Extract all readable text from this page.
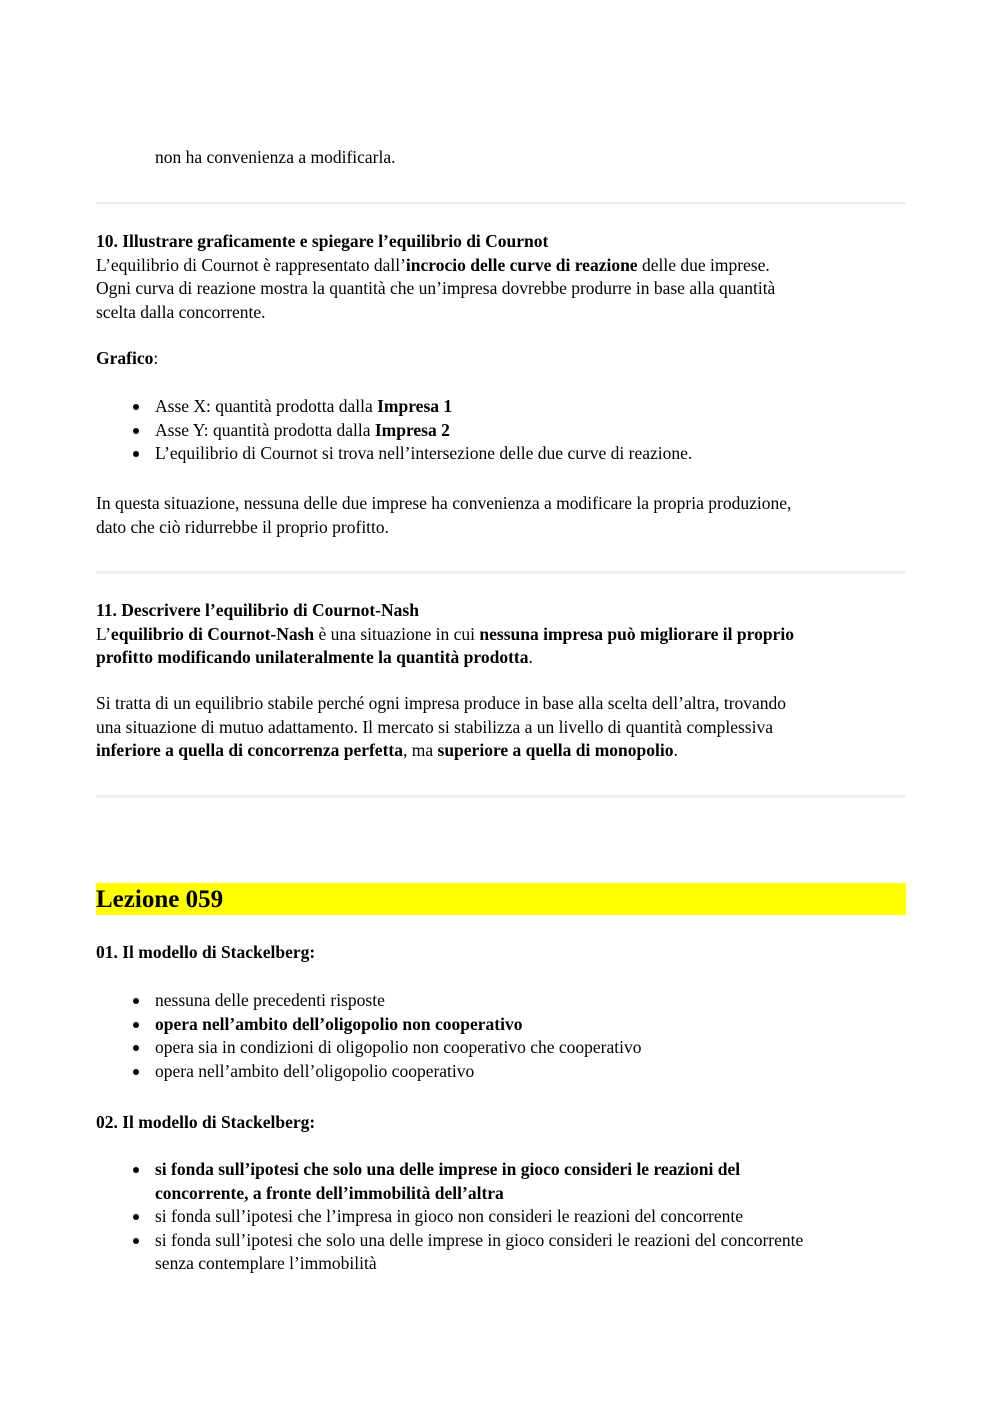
non ha convenienza a modificarla.

10. Illustrare graficamente e spiegare l’equilibrio di Cournot

L’equilibrio di Cournot è rappresentato dall’incrocio delle curve di reazione delle due imprese.

Ogni curva di reazione mostra la quantità che un’impresa dovrebbe produrre in base alla quantità

scelta dalla concorrente.

Grafico:

Asse X: quantità prodotta dalla Impresa 1
Asse Y: quantità prodotta dalla Impresa 2
L’equilibrio di Cournot si trova nell’intersezione delle due curve di reazione.

In questa situazione, nessuna delle due imprese ha convenienza a modificare la propria produzione,

dato che ciò ridurrebbe il proprio profitto.

11. Descrivere l’equilibrio di Cournot-Nash

L’equilibrio di Cournot-Nash è una situazione in cui nessuna impresa può migliorare il proprio

profitto modificando unilateralmente la quantità prodotta.

Si tratta di un equilibrio stabile perché ogni impresa produce in base alla scelta dell’altra, trovando

una situazione di mutuo adattamento. Il mercato si stabilizza a un livello di quantità complessiva

inferiore a quella di concorrenza perfetta, ma superiore a quella di monopolio.

Lezione 059

01. Il modello di Stackelberg:

nessuna delle precedenti risposte
opera nell’ambito dell’oligopolio non cooperativo
opera sia in condizioni di oligopolio non cooperativo che cooperativo
opera nell’ambito dell’oligopolio cooperativo

02. Il modello di Stackelberg:

si fonda sull’ipotesi che solo una delle imprese in gioco consideri le reazioni del
concorrente, a fronte dell’immobilità dell’altra
si fonda sull’ipotesi che l’impresa in gioco non consideri le reazioni del concorrente
si fonda sull’ipotesi che solo una delle imprese in gioco consideri le reazioni del concorrente
senza contemplare l’immobilità
